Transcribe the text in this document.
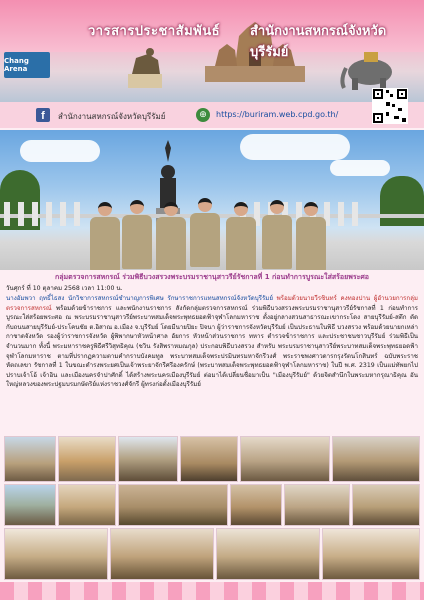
Chang Arena
วารสารประชาสัมพันธ์ สำนักงานสหกรณ์จังหวัดบุรีรัมย์
f	สำนักงานสหกรณ์จังหวัดบุรีรัมย์	⊕	https://buriram.web.cpd.go.th/
กลุ่มตรวจการสหกรณ์ ร่วมพิธีบวงสรวงพระบรมราชานุสาวรีย์รัชกาลที่ 1 ก่อนทำการบูรณะใส่สร้อยพระศอ
วันศุกร์ ที่ 10 ตุลาคม 2568 เวลา 11:00 น.
นางอัมพวา ฤทธิ์ไธสง นักวิชาการสหกรณ์ชำนาญการพิเศษ รักษาราชการแทนสหกรณ์จังหวัดบุรีรัมย์ พร้อมด้วยนายวีรชินทร์ คงทองปาน ผู้อำนวยการกลุ่มตรวจการสหกรณ์ พร้อมด้วยข้าราชการ และพนักงานราชการ สังกัดกลุ่มตรวจการสหกรณ์ ร่วมพิธีบวงสรวงพระบรมราชานุสาวรีย์รัชกาลที่ 1 ก่อนทำการบูรณะใส่สร้อยพระศอ ณ พระบรมราชานุสาวรีย์พระบาทสมเด็จพระพุทธยอดฟ้าจุฬาโลกมหาราช ตั้งอยู่กลางสวนสาธารณะเขากระโดง สายบุรีรัมย์-สตึก ตัดกับถนนสายบุรีรัมย์-ประโคนชัย ต.อิสาณ อ.เมือง จ.บุรีรัมย์ โดยมีนายปิยะ ปิจนา ผู้ว่าราชการจังหวัดบุรีรัมย์ เป็นประธานในพิธี บวงสรวง พร้อมด้วยนายกเหล่ากาชาดจังหวัด รองผู้ว่าราชการจังหวัด ผู้พิพากษาหัวหน้าศาล อัยการ หัวหน้าส่วนราชการ ทหาร ตำรวจข้าราชการ และประชาชนชาวบุรีรัมย์ ร่วมพิธีเป็นจำนวนมาก ทั้งนี้ พระมหาราชครูพิธีศรีวิสุทธิคุณ (ชวิน รังสิพราหมณกุล) ประกอบพิธีบวงสรวง สำหรับ พระบรมราชานุสาวรีย์พระบาทสมเด็จพระพุทธยอดฟ้าจุฬาโลกมหาราช ตามที่ปรากฏความตามคำกราบบังคมทูล พระบาทสมเด็จพระปรมินทรมหาจักรีวงศ์ พระราชพงศาวดารกรุงรัตนโกสินทร์ ฉบับพระราชหัตถเลขา รัชกาลที่ 1 ในขณะดำรงพระยศเป็นเจ้าพระยาจักรีศรีองครักษ์ (พระบาทสมเด็จพระพุทธยอดฟ้าจุฬาโลกมหาราช) ในปี พ.ศ. 2319 เป็นแม่ทัพยกไปปราบเจ้าโอ้ เจ้าอิน และเมืองนครจำปาศักดิ์ ได้สร้างพระนครเมืองบุรีรัมย์ ต่อมาได้เปลี่ยนชื่อมาเป็น "เมืองบุรีรัมย์" ด้วยจิตสำนึกในพระมหากรุณาธิคุณ อันใหญ่หลวงของพระปฐมบรมกษัตริย์แห่งราชวงศ์จักรี ผู้ทรงก่อตั้งเมืองบุรีรัมย์
